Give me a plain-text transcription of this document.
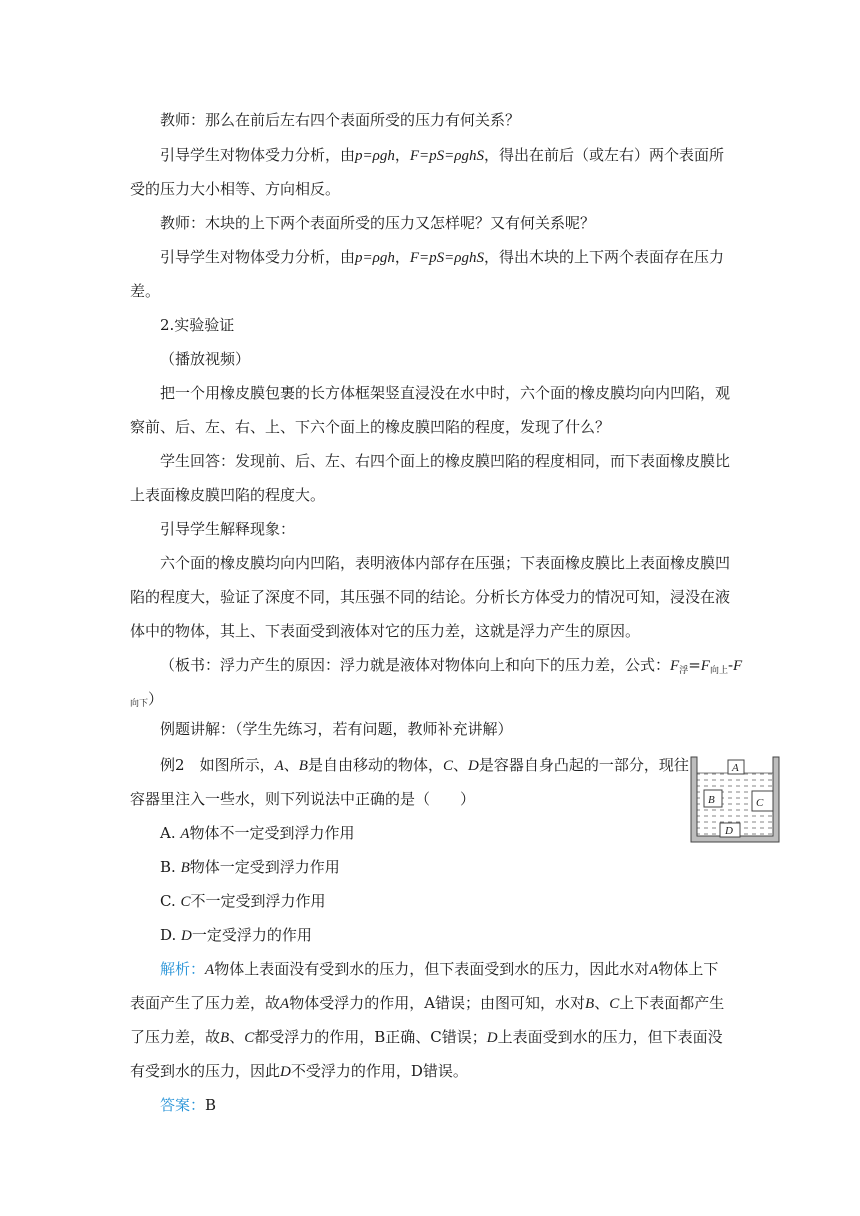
教师：那么在前后左右四个表面所受的压力有何关系？
引导学生对物体受力分析，由p=ρgh，F=pS=ρghS，得出在前后（或左右）两个表面所
受的压力大小相等、方向相反。
教师：木块的上下两个表面所受的压力又怎样呢？又有何关系呢？
引导学生对物体受力分析，由p=ρgh，F=pS=ρghS，得出木块的上下两个表面存在压力
差。
2.实验验证
（播放视频）
把一个用橡皮膜包裹的长方体框架竖直浸没在水中时，六个面的橡皮膜均向内凹陷，观
察前、后、左、右、上、下六个面上的橡皮膜凹陷的程度，发现了什么？
学生回答：发现前、后、左、右四个面上的橡皮膜凹陷的程度相同，而下表面橡皮膜比
上表面橡皮膜凹陷的程度大。
引导学生解释现象：
六个面的橡皮膜均向内凹陷，表明液体内部存在压强；下表面橡皮膜比上表面橡皮膜凹
陷的程度大，验证了深度不同，其压强不同的结论。分析长方体受力的情况可知，浸没在液
体中的物体，其上、下表面受到液体对它的压力差，这就是浮力产生的原因。
（板书：浮力产生的原因：浮力就是液体对物体向上和向下的压力差，公式：$F_浮=F_{向上}-F$
向下）
例题讲解：（学生先练习，若有问题，教师补充讲解）
例2　 如图所示，A、B是自由移动的物体，C、D是容器自身凸起的一部分，现往
容器里注入一些水，则下列说法中正确的是（　　）
A. A物体不一定受到浮力作用
B. B物体一定受到浮力作用
C. C不一定受到浮力作用
D. D一定受浮力的作用
A
B	C
D
解析：A物体上表面没有受到水的压力，但下表面受到水的压力，因此水对A物体上下
表面产生了压力差，故A物体受浮力的作用，A错误；由图可知，水对B、C上下表面都产生
了压力差，故B、C都受浮力的作用，B正确、C错误；D上表面受到水的压力，但下表面没
有受到水的压力，因此D不受浮力的作用，D错误。
答案：B
